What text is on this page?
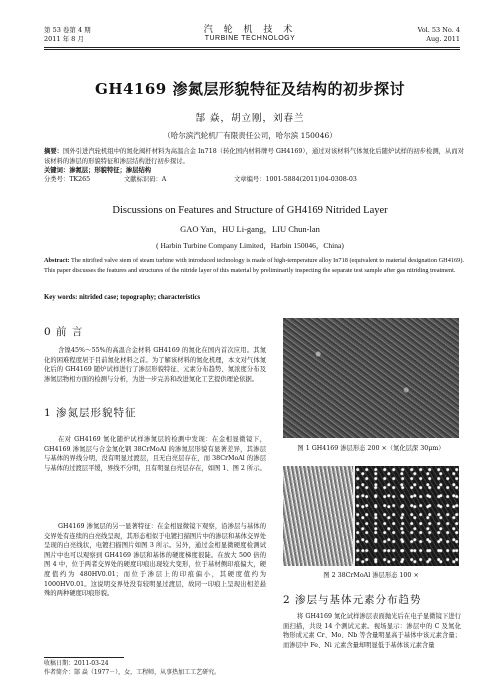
第 53 卷第 4 期
2011 年 8 月
汽 轮 机 技 术
TURBINE TECHNOLOGY
Vol. 53 No. 4
Aug. 2011
GH4169 渗氮层形貌特征及结构的初步探讨
郜 焱，胡立刚，刘春兰
（哈尔滨汽轮机厂有限责任公司，哈尔滨 150046）
摘要：国外引进汽轮机组中的氮化阀杆材料为高温合金 In718（转化国内材料牌号 GH4169），通过对该材料气体氮化后随炉试样的初步检测，从而对该材料的渗层的形貌特征和渗层结构进行初步探讨。
关键词：渗氮层；形貌特征；渗层结构
分类号：TK265	文献标识码：A	文章编号：1001-5884(2011)04-0308-03
Discussions on Features and Structure of GH4169 Nitrided Layer
GAO Yan，HU Li-gang，LIU Chun-lan
( Harbin Turbine Company Limited，Harbin 150046，China)
Abstract: The nitrified valve stem of steam turbine with introduced technology is made of high-temperature alloy In718 (equivalent to material designation GH4169). This paper discusses the features and structures of the nitride layer of this material by preliminarily inspecting the separate test sample after gas nitriding treatment.
Key words: nitrided case; topography; characteristics
0 前 言
含镍45%～55%的高温合金材料 GH4169 的氮化在国内首次应用。其氮化的困难程度居于目前氮化材料之首。为了解该材料的氮化机理，本文对气体氮化后的 GH4169 随炉试样进行了渗层形貌特征、元素分布趋势、氮浓度分布及渗氮层物相方面的检测与分析，为进一步完善和改进氮化工艺提供理论依据。
1 渗氮层形貌特征
在对 GH4169 氮化随炉试样渗氮层的检测中发现：在金相显微镜下，GH4169 渗氮层与合金氮化钢 38CrMoAl 的渗氮层形貌有显著差异，其渗层与基体的界线分明，没有明显过渡层，且无白亮层存在，而 38CrMoAl 的渗层与基体的过渡层平缓，界线不分明，且有明显白亮层存在，如图 1、图 2 所示。
GH4169 渗氮层的另一显著特征：在金相显微镜下观察，沿渗层与基体的交界处有连续的白亮线呈现，其形态相似于电镀扫描图片中的渗层和基体交界处呈现的白亮线状，电镀扫描图片如图 3 所示。另外，通过金相显微硬度检测试图片中也可以观察到 GH4169 渗层和基体的硬度梯度很陡。在放大 500 倍的图 4 中，位于两者交界处的硬度印痕出现较大变形，位于基材侧印痕偏大，硬度值约为 480HV0.01；而位于渗层上的印痕偏小，其硬度值约为 1000HV0.01。这说明交界处没有较明显过渡层，故同一印痕上呈现出相差悬殊的两种硬度印痕形貌。
收稿日期：2011-03-24
作者简介：郜 焱（1977－），女，工程师，从事热加工工艺研究。
图 1 GH4169 渗层形态 200 ×（氮化层深 30μm）
图 2 38CrMoAl 渗层形态 100 ×
2 渗层与基体元素分布趋势
将 GH4169 氮化试样渗层表面抛光后在电子显微镜下进行面扫描，共设 14 个测试元素。视场显示：渗层中的 C 及氮化物形成元素 Cr、Mo、Nb 等含量明显高于基体中该元素含量；而渗层中 Fe、Ni 元素含量却明显低于基体该元素含量
